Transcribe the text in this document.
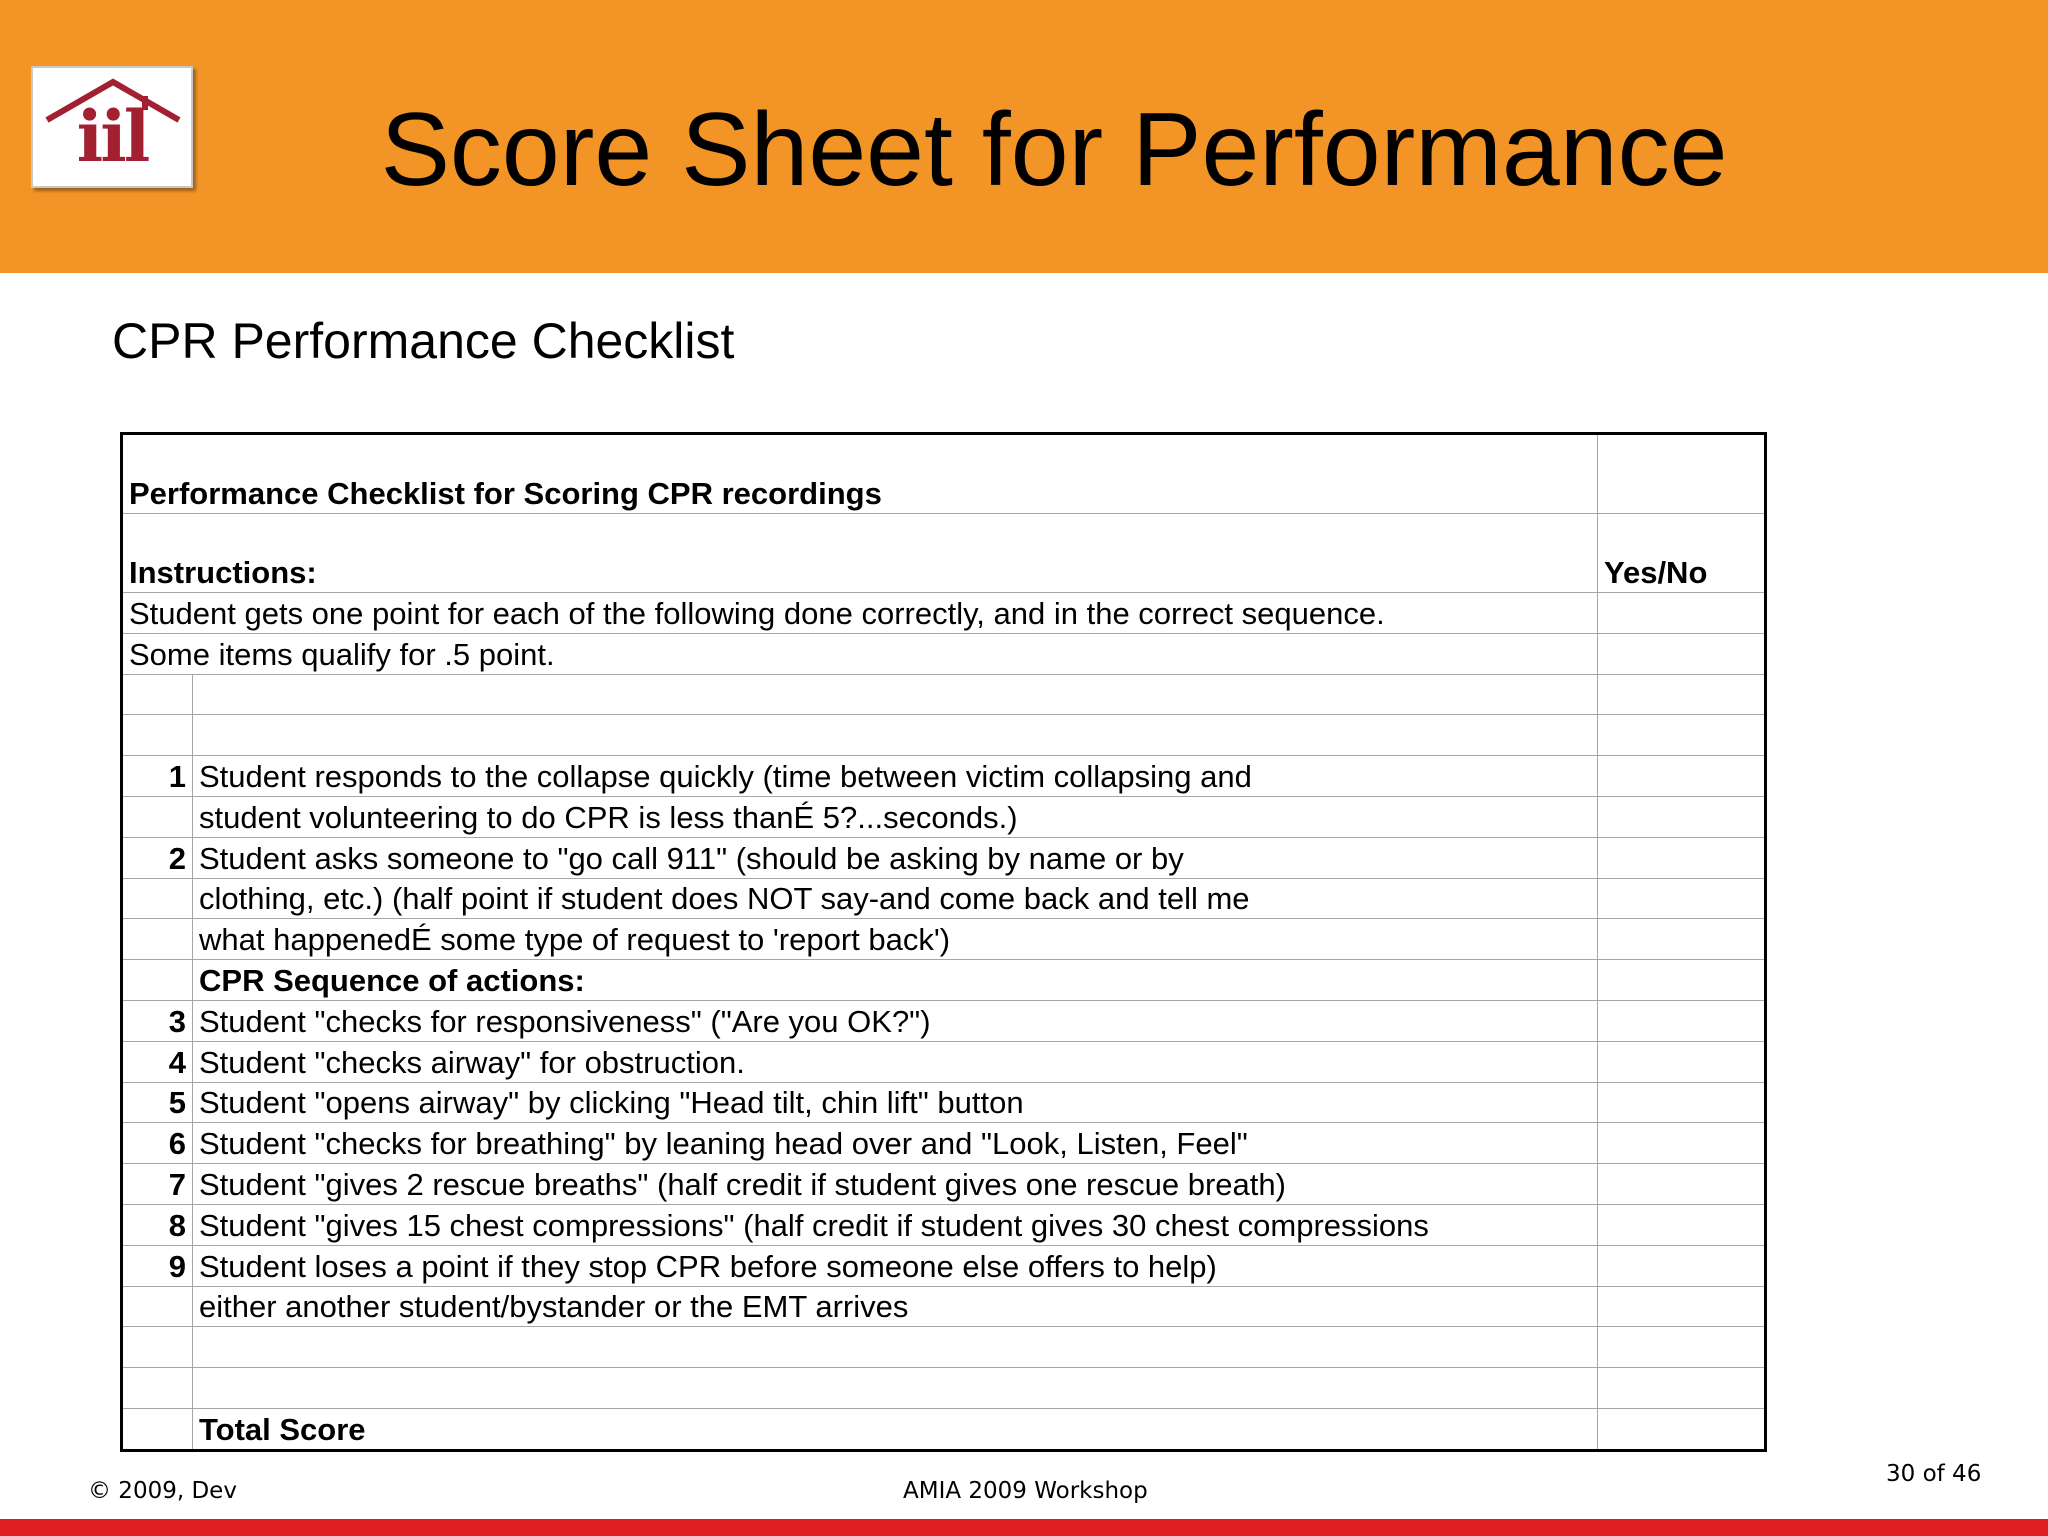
iil	Score Sheet for Performance
CPR Performance Checklist
Performance Checklist for Scoring CPR recordings		
Instructions:		Yes/No
Student gets one point for each of the following done correctly, and in the correct sequence.		
Some items qualify for .5 point.		

1	Student responds to the collapse quickly (time between victim collapsing and	
	student volunteering to do CPR is less thanÉ 5?...seconds.)	
2	Student asks someone to "go call 911" (should be asking by name or by	
	clothing, etc.) (half point if student does NOT say-and come back and tell me	
	what happenedÉ some type of request to 'report back')	
	CPR Sequence of actions:	
3	Student "checks for responsiveness" ("Are you OK?")	
4	Student "checks airway" for obstruction.	
5	Student "opens airway" by clicking "Head tilt, chin lift" button	
6	Student "checks for breathing" by leaning head over and "Look, Listen, Feel"	
7	Student "gives 2 rescue breaths" (half credit if student gives one rescue breath)	
8	Student "gives 15 chest compressions" (half credit if student gives 30 chest compressions	
9	Student loses a point if they stop CPR before someone else offers to help)	
	either another student/bystander or the EMT arrives	

	Total Score	
© 2009, Dev	AMIA 2009 Workshop
30 of 46
